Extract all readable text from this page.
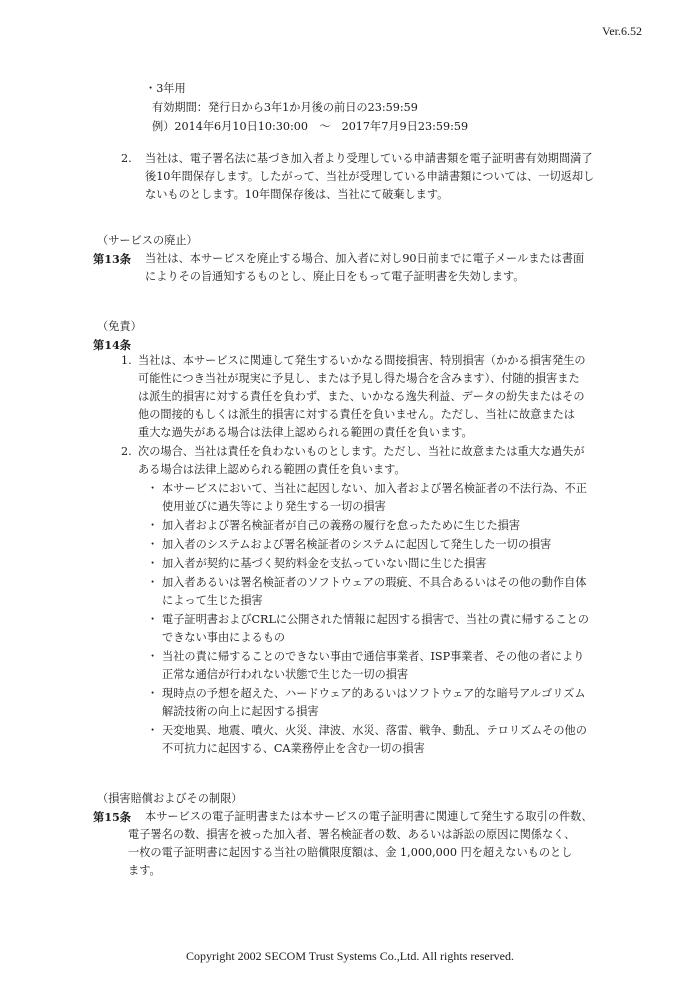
Ver.6.52
・3年用
有効期間：発行日から3年1か月後の前日の23:59:59
例）2014年6月10日10:30:00　～　2017年7月9日23:59:59
2. 当社は、電子署名法に基づき加入者より受理している申請書類を電子証明書有効期間満了
後10年間保存します。したがって、当社が受理している申請書類については、一切返却し
ないものとします。10年間保存後は、当社にて破棄します。
（サービスの廃止）
第13条 当社は、本サービスを廃止する場合、加入者に対し90日前までに電子メールまたは書面
によりその旨通知するものとし、廃止日をもって電子証明書を失効します。
（免責）
第14条
1. 当社は、本サービスに関連して発生するいかなる間接損害、特別損害（かかる損害発生の
可能性につき当社が現実に予見し、または予見し得た場合を含みます）、付随的損害また
は派生的損害に対する責任を負わず、また、いかなる逸失利益、データの紛失またはその
他の間接的もしくは派生的損害に対する責任を負いません。ただし、当社に故意または
重大な過失がある場合は法律上認められる範囲の責任を負います。
2. 次の場合、当社は責任を負わないものとします。ただし、当社に故意または重大な過失が
ある場合は法律上認められる範囲の責任を負います。
・ 本サービスにおいて、当社に起因しない、加入者および署名検証者の不法行為、不正
使用並びに過失等により発生する一切の損害
・ 加入者および署名検証者が自己の義務の履行を怠ったために生じた損害
・ 加入者のシステムおよび署名検証者のシステムに起因して発生した一切の損害
・ 加入者が契約に基づく契約料金を支払っていない間に生じた損害
・ 加入者あるいは署名検証者のソフトウェアの瑕疵、不具合あるいはその他の動作自体
によって生じた損害
・ 電子証明書およびCRLに公開された情報に起因する損害で、当社の責に帰することの
できない事由によるもの
・ 当社の責に帰することのできない事由で通信事業者、ISP事業者、その他の者により
正常な通信が行われない状態で生じた一切の損害
・ 現時点の予想を超えた、ハードウェア的あるいはソフトウェア的な暗号アルゴリズム
解読技術の向上に起因する損害
・ 天変地異、地震、噴火、火災、津波、水災、落雷、戦争、動乱、テロリズムその他の
不可抗力に起因する、CA業務停止を含む一切の損害
（損害賠償およびその制限）
第15条 本サービスの電子証明書または本サービスの電子証明書に関連して発生する取引の件数、
電子署名の数、損害を被った加入者、署名検証者の数、あるいは訴訟の原因に関係なく、
一枚の電子証明書に起因する当社の賠償限度額は、金 1,000,000 円を超えないものとし
ます。
Copyright 2002 SECOM Trust Systems Co.,Ltd. All rights reserved.
